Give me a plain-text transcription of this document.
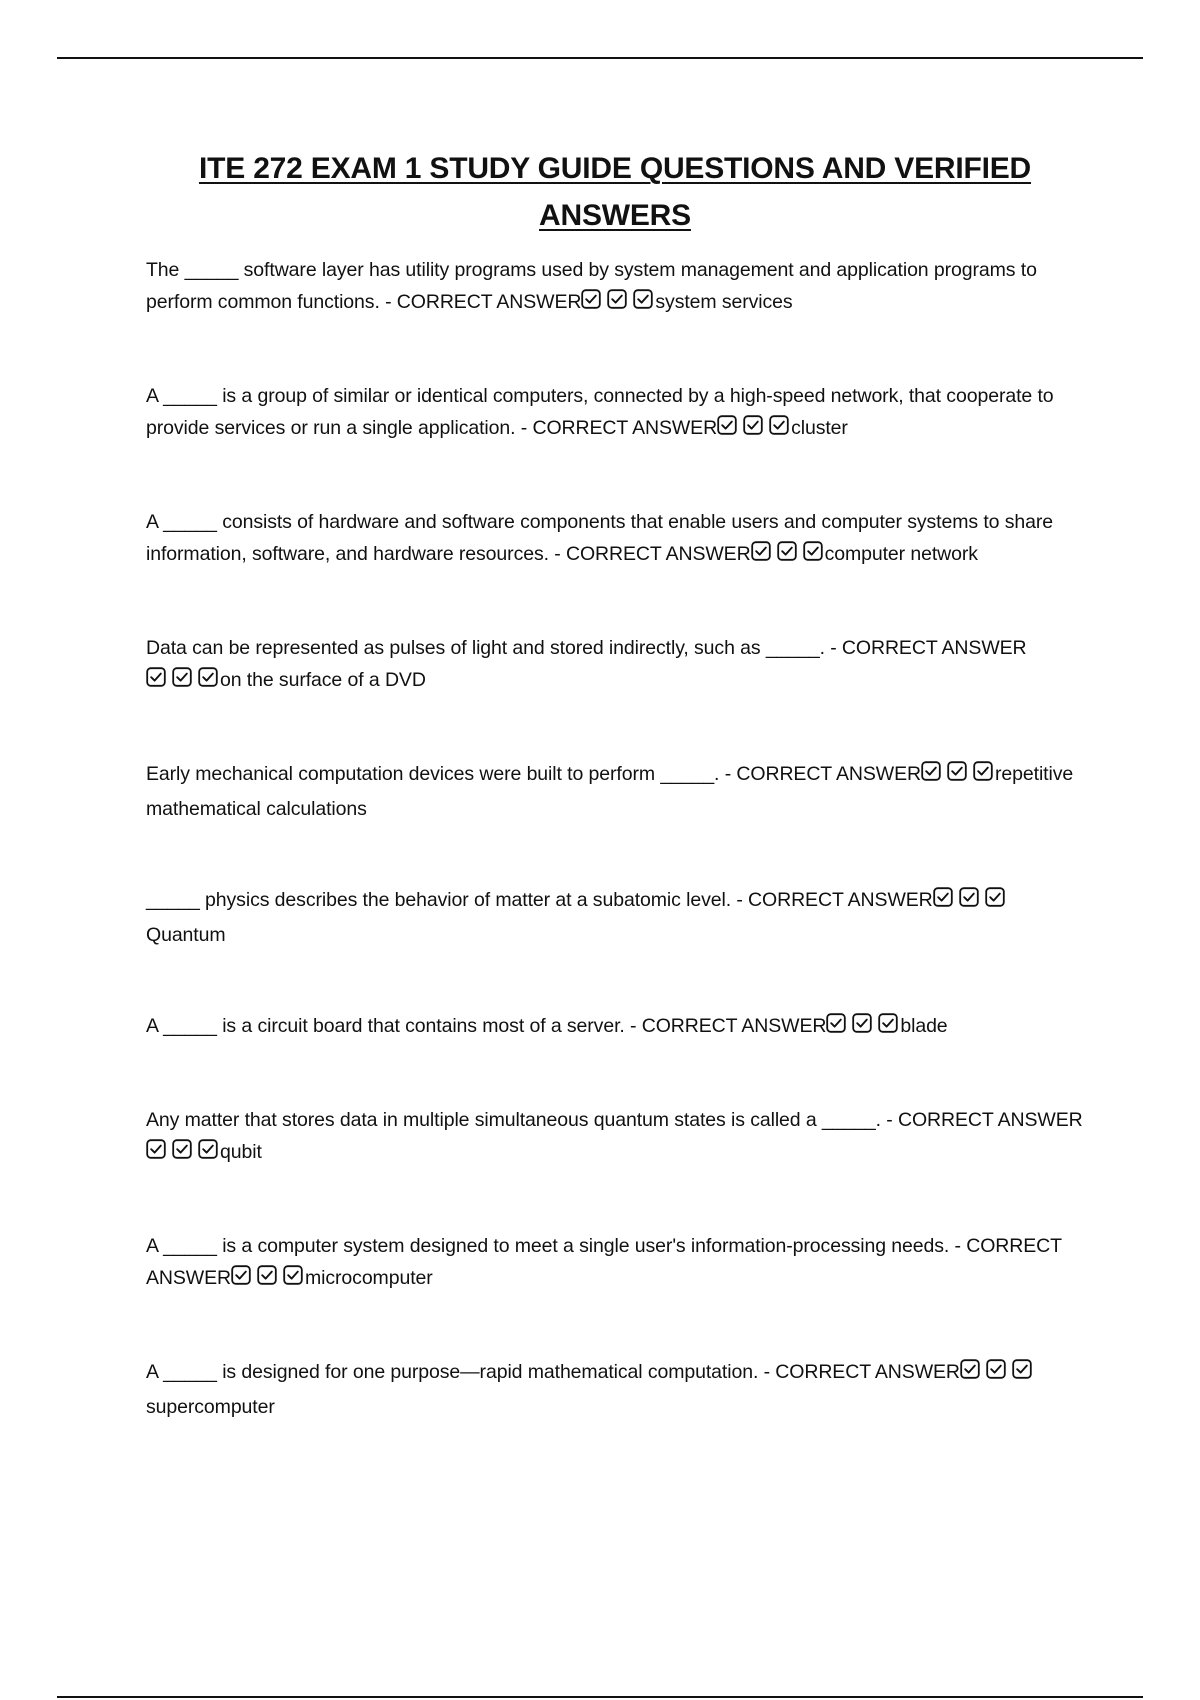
ITE 272 EXAM 1 STUDY GUIDE QUESTIONS AND VERIFIED ANSWERS
The _____ software layer has utility programs used by system management and application programs to perform common functions. - CORRECT ANSWER	system services
A _____ is a group of similar or identical computers, connected by a high-speed network, that cooperate to provide services or run a single application. - CORRECT ANSWER	cluster
A _____ consists of hardware and software components that enable users and computer systems to share information, software, and hardware resources. - CORRECT ANSWER	computer network
Data can be represented as pulses of light and stored indirectly, such as _____. - CORRECT ANSWER
on the surface of a DVD
Early mechanical computation devices were built to perform _____. - CORRECT ANSWER	repetitive mathematical calculations
_____ physics describes the behavior of matter at a subatomic level. - CORRECT ANSWER
Quantum
A _____ is a circuit board that contains most of a server. - CORRECT ANSWER	blade
Any matter that stores data in multiple simultaneous quantum states is called a _____. - CORRECT ANSWER
qubit
A _____ is a computer system designed to meet a single user's information-processing needs. - CORRECT ANSWER	microcomputer
A _____ is designed for one purpose—rapid mathematical computation. - CORRECT ANSWER
supercomputer
